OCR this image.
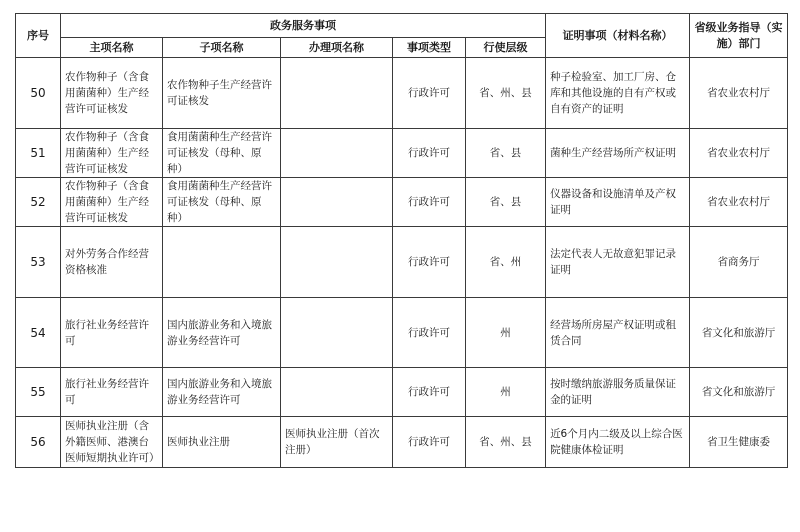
序号	政务服务事项					证明事项（材料名称）	省级业务指导（实施）部门
	主项名称	子项名称	办理项名称	事项类型	行使层级		
50	农作物种子（含食用菌菌种）生产经营许可证核发	农作物种子生产经营许可证核发		行政许可	省、州、县	种子检验室、加工厂房、仓库和其他设施的自有产权或自有资产的证明	省农业农村厅
51	农作物种子（含食用菌菌种）生产经营许可证核发	食用菌菌种生产经营许可证核发（母种、原种）		行政许可	省、县	菌种生产经营场所产权证明	省农业农村厅
52	农作物种子（含食用菌菌种）生产经营许可证核发	食用菌菌种生产经营许可证核发（母种、原种）		行政许可	省、县	仪器设备和设施清单及产权证明	省农业农村厅
53	对外劳务合作经营资格核准			行政许可	省、州	法定代表人无故意犯罪记录证明	省商务厅
54	旅行社业务经营许可	国内旅游业务和入境旅游业务经营许可		行政许可	州	经营场所房屋产权证明或租赁合同	省文化和旅游厅
55	旅行社业务经营许可	国内旅游业务和入境旅游业务经营许可		行政许可	州	按时缴纳旅游服务质量保证金的证明	省文化和旅游厅
56	医师执业注册（含外籍医师、港澳台医师短期执业许可）	医师执业注册	医师执业注册（首次注册）	行政许可	省、州、县	近6个月内二级及以上综合医院健康体检证明	省卫生健康委
